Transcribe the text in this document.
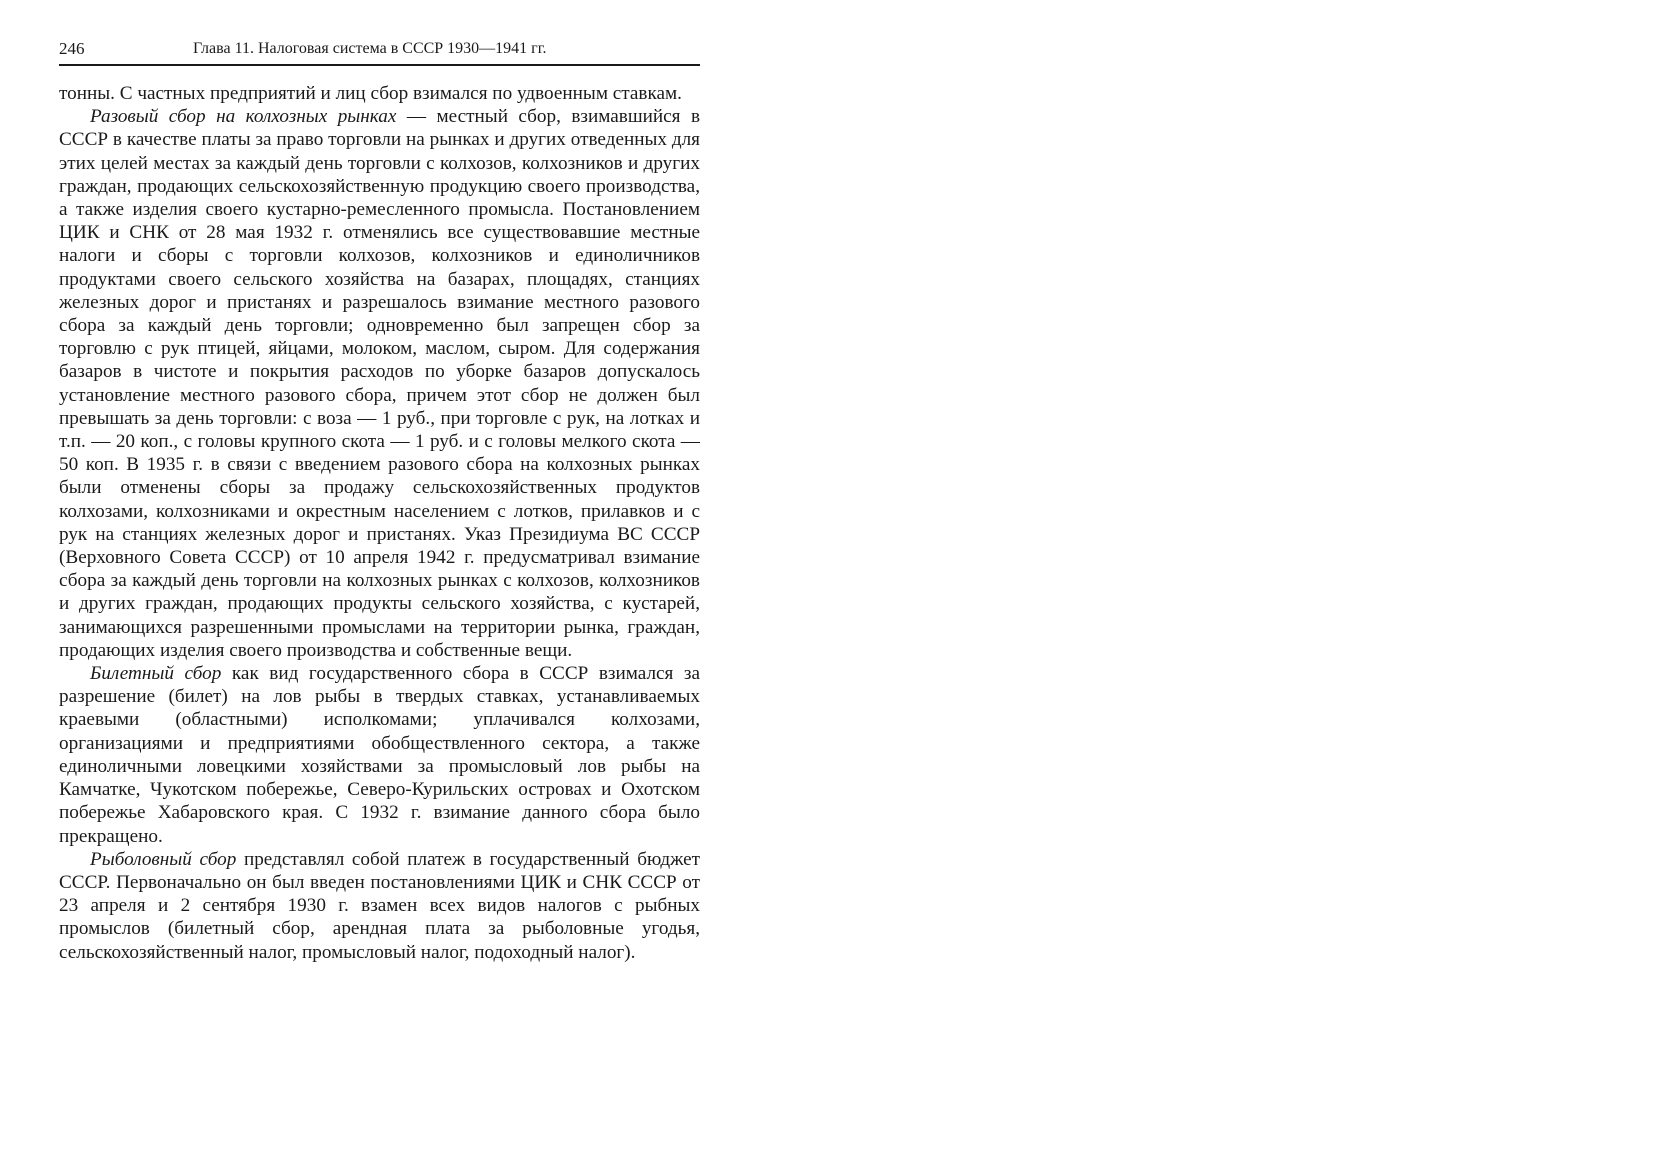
246	Глава 11. Налоговая система в СССР 1930—1941 гг.

тонны. С частных предприятий и лиц сбор взимался по удвоенным ставкам.

Разовый сбор на колхозных рынках — местный сбор, взимавшийся в СССР в качестве платы за право торговли на рынках и других отведенных для этих целей местах за каждый день торговли с колхозов, колхозников и других граждан, продающих сельскохозяйственную продукцию своего производства, а также изделия своего кустарно-ремесленного промысла. Постановлением ЦИК и СНК от 28 мая 1932 г. отменялись все существовавшие местные налоги и сборы с торговли колхозов, колхозников и единоличников продуктами своего сельского хозяйства на базарах, площадях, станциях железных дорог и пристанях и разрешалось взимание местного разового сбора за каждый день торговли; одновременно был запрещен сбор за торговлю с рук птицей, яйцами, молоком, маслом, сыром. Для содержания базаров в чистоте и покрытия расходов по уборке базаров допускалось установление местного разового сбора, причем этот сбор не должен был превышать за день торговли: с воза — 1 руб., при торговле с рук, на лотках и т.п. — 20 коп., с головы крупного скота — 1 руб. и с головы мелкого скота — 50 коп. В 1935 г. в связи с введением разового сбора на колхозных рынках были отменены сборы за продажу сельскохозяйственных продуктов колхозами, колхозниками и окрестным населением с лотков, прилавков и с рук на станциях железных дорог и пристанях. Указ Президиума ВС СССР (Верховного Совета СССР) от 10 апреля 1942 г. предусматривал взимание сбора за каждый день торговли на колхозных рынках с колхозов, колхозников и других граждан, продающих продукты сельского хозяйства, с кустарей, занимающихся разрешенными промыслами на территории рынка, граждан, продающих изделия своего производства и собственные вещи.

Билетный сбор как вид государственного сбора в СССР взимался за разрешение (билет) на лов рыбы в твердых ставках, устанавливаемых краевыми (областными) исполкомами; уплачивался колхозами, организациями и предприятиями обобществленного сектора, а также единоличными ловецкими хозяйствами за промысловый лов рыбы на Камчатке, Чукотском побережье, Северо-Курильских островах и Охотском побережье Хабаровского края. С 1932 г. взимание данного сбора было прекращено.

Рыболовный сбор представлял собой платеж в государственный бюджет СССР. Первоначально он был введен постановлениями ЦИК и СНК СССР от 23 апреля и 2 сентября 1930 г. взамен всех видов налогов с рыбных промыслов (билетный сбор, арендная плата за рыболовные угодья, сельскохозяйственный налог, промысловый налог, подоходный налог).
